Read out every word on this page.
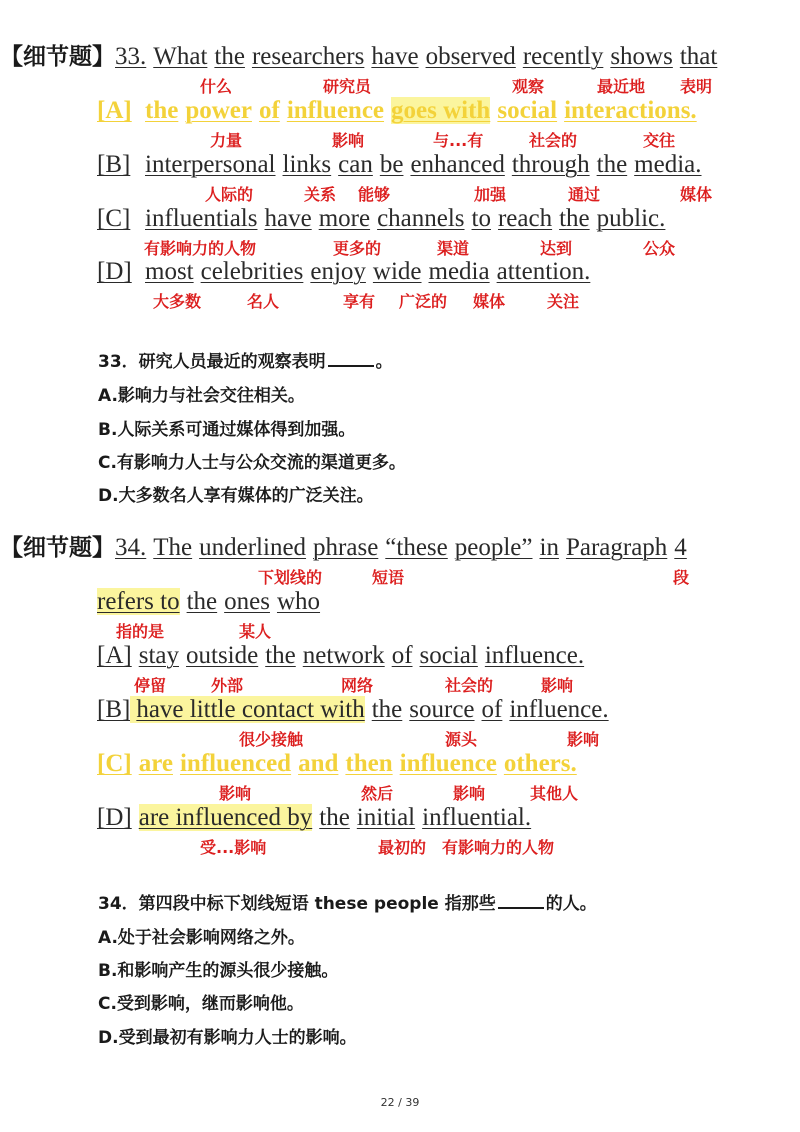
【细节题】33. What the researchers have observed recently shows that
什么	研究员	观察	最近地 表明
[A] the power of influence goes with social interactions.
力量	影响	与...有	社会的	交往
[B] interpersonal links can be enhanced through the media.
人际的	关系 能够	加强	通过	媒体
[C] influentials have more channels to reach the public.
有影响力的人物	更多的	渠道	达到	公众
[D] most celebrities enjoy wide media attention.
大多数	名人	享有 广泛的 媒体	关注
33．研究人员最近的观察表明	。
A.影响力与社会交往相关。
B.人际关系可通过媒体得到加强。
C.有影响力人士与公众交流的渠道更多。
D.大多数名人享有媒体的广泛关注。
【细节题】34. The underlined phrase “these people” in Paragraph 4
下划线的	短语	段
refers to the ones who
指的是	某人
[A] stay outside the network of social influence.
停留	外部	网络	社会的	影响
[B] have little contact with the source of influence.
很少接触	源头	影响
[C] are influenced and then influence others.
影响	然后	影响	其他人
[D] are influenced by the initial influential.
受...影响	最初的 有影响力的人物
34．第四段中标下划线短语 these people 指那些	的人。
A.处于社会影响网络之外。
B.和影响产生的源头很少接触。
C.受到影响，继而影响他。
D.受到最初有影响力人士的影响。
22 / 39
